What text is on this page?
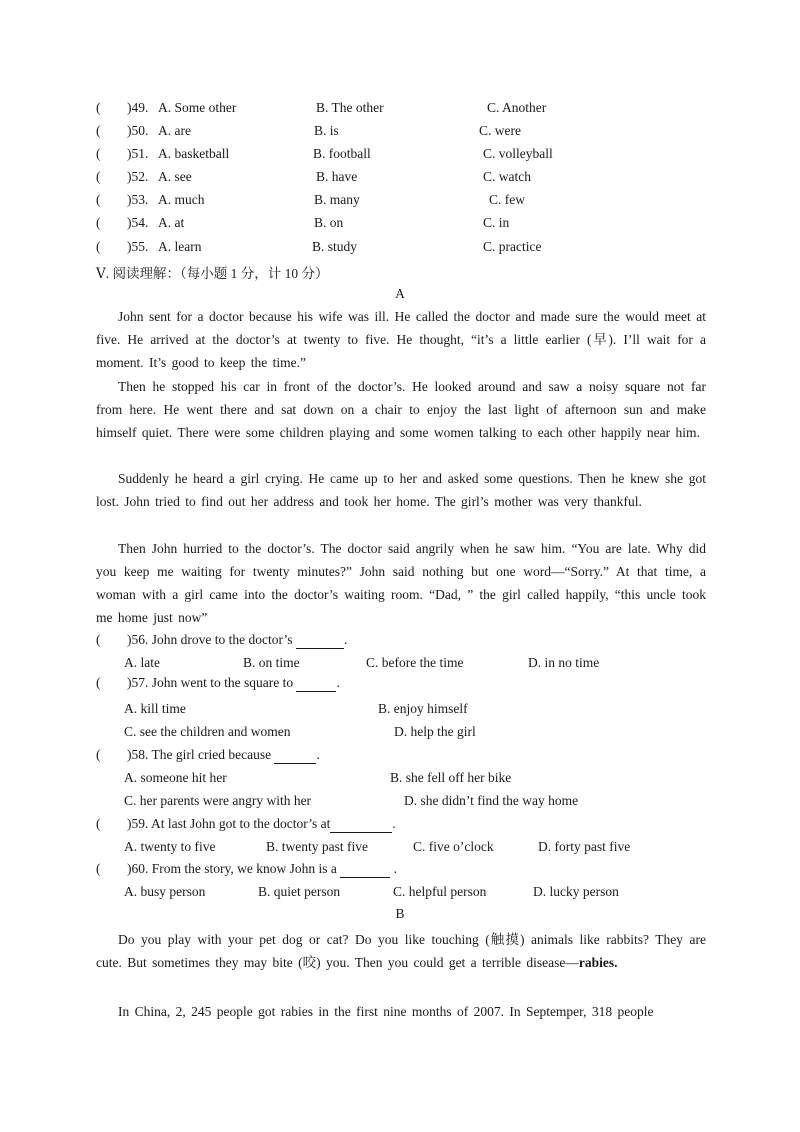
( )49. A. Some other	B. The other	C. Another
( )50. A. are	B. is	C. were
( )51. A. basketball	B. football	C. volleyball
( )52. A. see	B. have	C. watch
( )53. A. much	B. many	C. few
( )54. A. at	B. on	C. in
( )55. A. learn	B. study	C. practice
Ⅴ. 阅读理解：（每小题 1 分，计 10 分）
A
John sent for a doctor because his wife was ill. He called the doctor and made sure the would meet at five. He arrived at the doctor’s at twenty to five. He thought, “it’s a little earlier (早). I’ll wait for a moment. It’s good to keep the time.”
Then he stopped his car in front of the doctor’s. He looked around and saw a noisy square not far from here. He went there and sat down on a chair to enjoy the last light of afternoon sun and make himself quiet. There were some children playing and some women talking to each other happily near him.
Suddenly he heard a girl crying. He came up to her and asked some questions. Then he knew she got lost. John tried to find out her address and took her home. The girl’s mother was very thankful.
Then John hurried to the doctor’s. The doctor said angrily when he saw him. “You are late. Why did you keep me waiting for twenty minutes?” John said nothing but one word—“Sorry.” At that time, a woman with a girl came into the doctor’s waiting room. “Dad, ” the girl called happily, “this uncle took me home just now”
( )56. John drove to the doctor’s	.
A. late	B. on time	C. before the time	D. in no time
( )57. John went to the square to	.
A. kill time	B. enjoy himself
C. see the children and women	D. help the girl
( )58. The girl cried because	.
A. someone hit her	B. she fell off her bike
C. her parents were angry with her	D. she didn’t find the way home
( )59. At last John got to the doctor’s at	.
A. twenty to five	B. twenty past five	C. five o’clock	D. forty past five
( )60. From the story, we know John is a	.
A. busy person	B. quiet person	C. helpful person	D. lucky person
B
Do you play with your pet dog or cat? Do you like touching (触摸) animals like rabbits? They are cute. But sometimes they may bite (咬) you. Then you could get a terrible disease—rabies.
In China, 2, 245 people got rabies in the first nine months of 2007. In Septemper, 318 people
